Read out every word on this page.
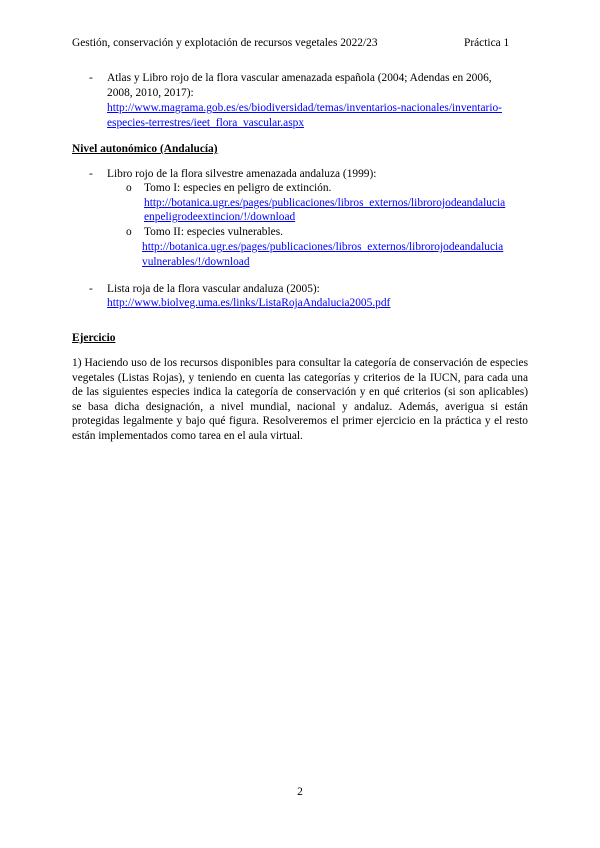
Gestión, conservación y explotación de recursos vegetales 2022/23	Práctica 1
- Atlas y Libro rojo de la flora vascular amenazada española (2004; Adendas en 2006,
2008, 2010, 2017):
http://www.magrama.gob.es/es/biodiversidad/temas/inventarios-nacionales/inventario-
especies-terrestres/ieet_flora_vascular.aspx
Nivel autonómico (Andalucía)
- Libro rojo de la flora silvestre amenazada andaluza (1999):
o Tomo I: especies en peligro de extinción.
http://botanica.ugr.es/pages/publicaciones/libros_externos/librorojodeandalucia
enpeligrodeextincion/!/download
o Tomo II: especies vulnerables.
http://botanica.ugr.es/pages/publicaciones/libros_externos/librorojodeandalucia
vulnerables/!/download
- Lista roja de la flora vascular andaluza (2005):
http://www.biolveg.uma.es/links/ListaRojaAndalucia2005.pdf
Ejercicio
1) Haciendo uso de los recursos disponibles para consultar la categoría de conservación de especies vegetales (Listas Rojas), y teniendo en cuenta las categorías y criterios de la IUCN, para cada una de las siguientes especies indica la categoría de conservación y en qué criterios (si son aplicables) se basa dicha designación, a nivel mundial, nacional y andaluz. Además, averigua si están protegidas legalmente y bajo qué figura. Resolveremos el primer ejercicio en la práctica y el resto están implementados como tarea en el aula virtual.
2
